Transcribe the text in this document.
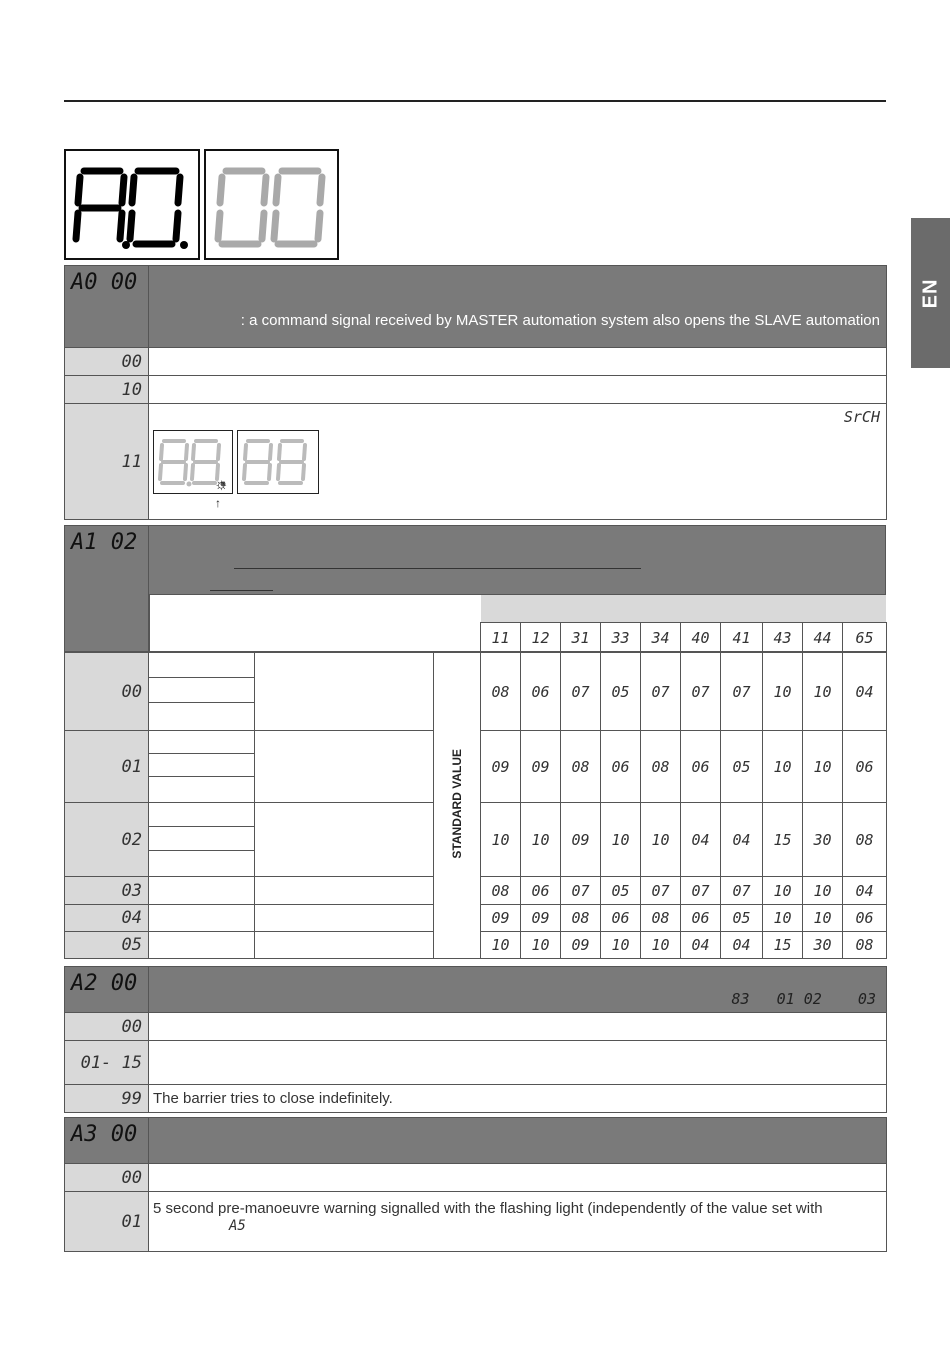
EN
A0 00	: a command signal received by MASTER automation system also opens the SLAVE automation
00	
10	
11	SrCH
☼
↑
A1 02
11	12	31	33	34	40	41	43	44	65
00			STANDARD VALUE	08	06	07	05	07	07	07	10	10	04
01				09	09	08	06	08	06	05	10	10	06
02				10	10	09	10	10	04	04	15	30	08
03				08	06	07	05	07	07	07	10	10	04
04				09	09	08	06	08	06	05	10	10	06
05				10	10	09	10	10	04	04	15	30	08
A2 00	83   01 02    03
00	
01- 15	
99	The barrier tries to close indefinitely.
A3 00	
00	
01	5 second pre-manoeuvre warning signalled with the flashing light (independently of the value set with
A5
